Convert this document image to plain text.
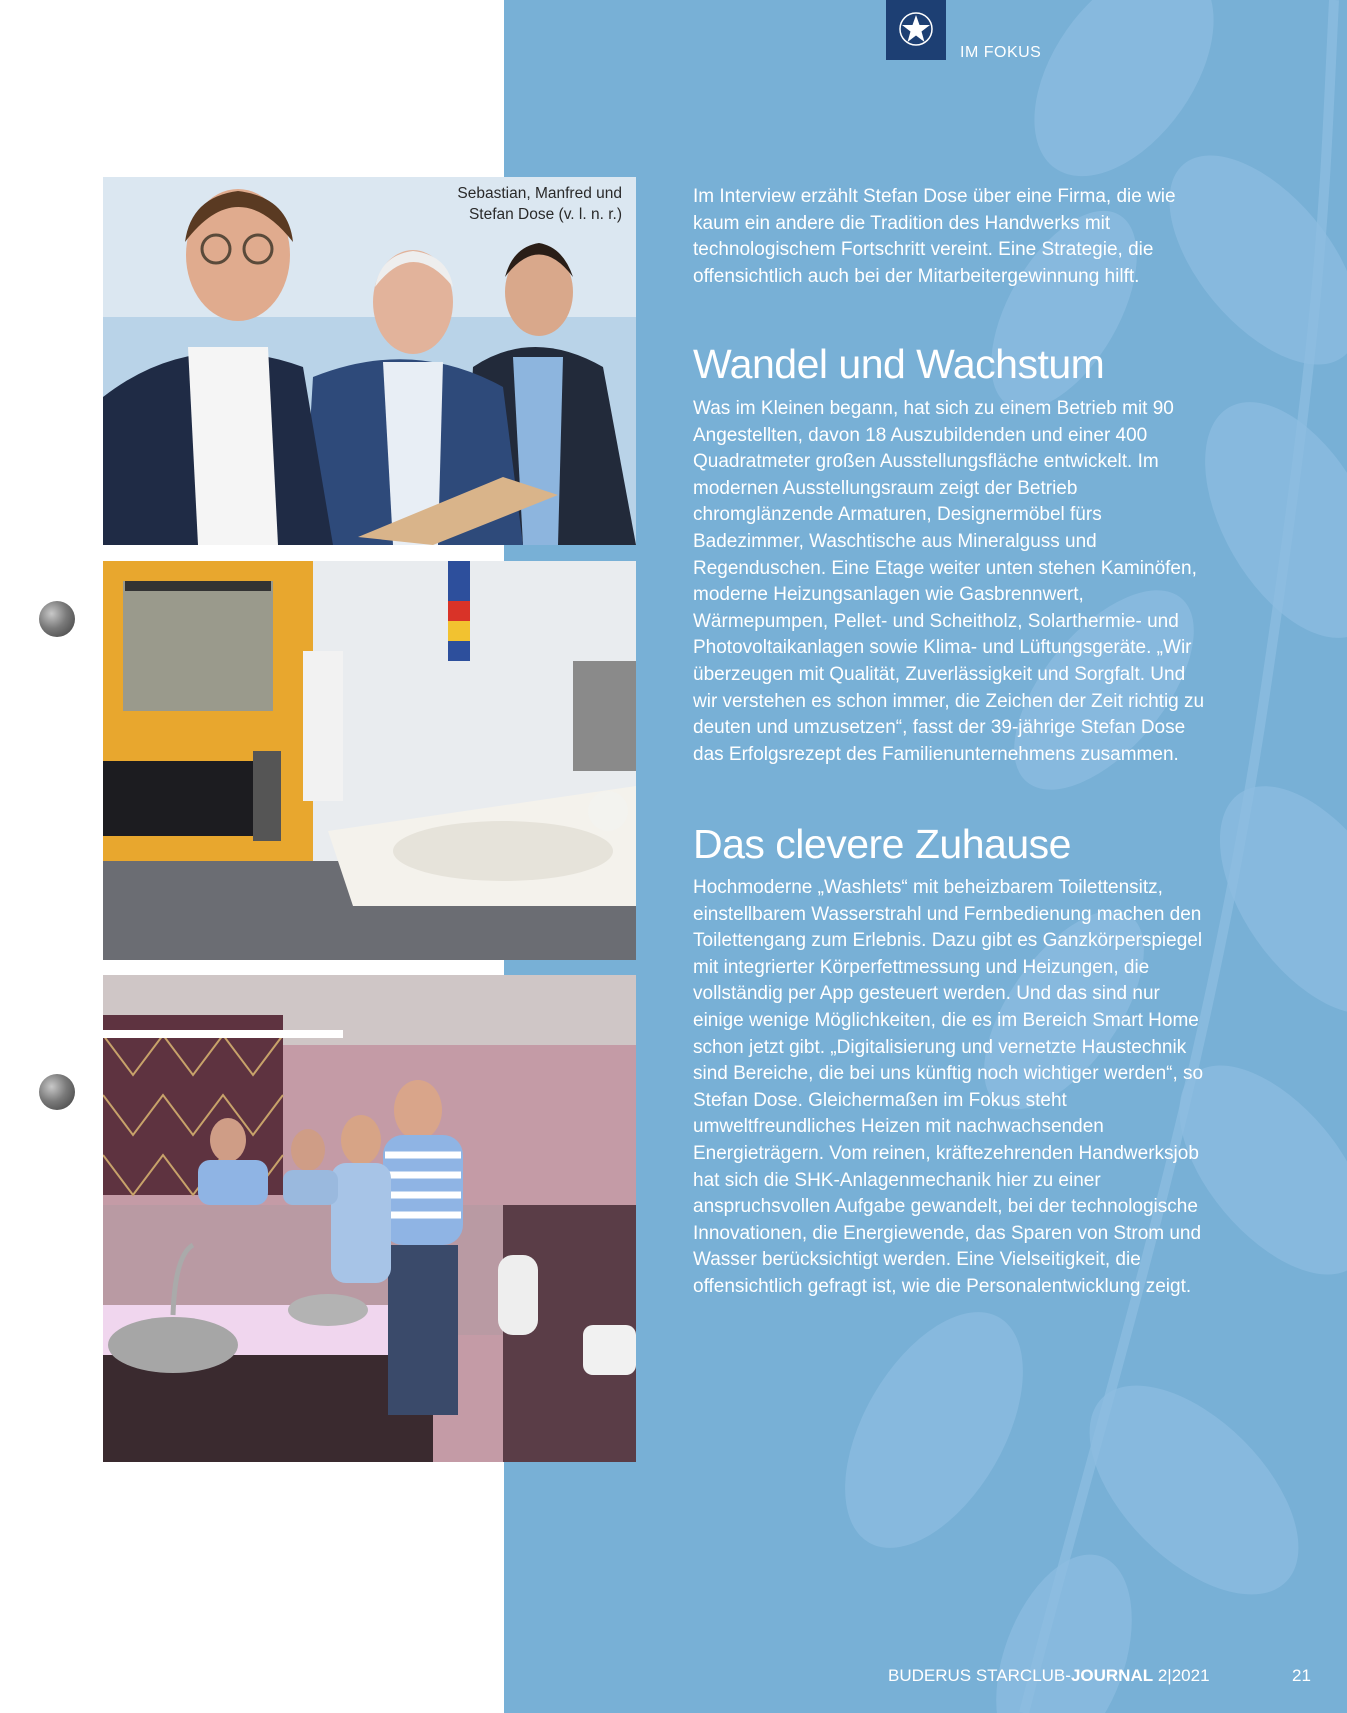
IM FOKUS
Sebastian, Manfred und
Stefan Dose (v. l. n. r.)
Im Interview erzählt Stefan Dose über eine Firma, die wie kaum ein andere die Tradition des Handwerks mit technologischem Fortschritt vereint. Eine Strategie, die offensichtlich auch bei der Mitarbeitergewinnung hilft.
Wandel und Wachstum
Was im Kleinen begann, hat sich zu einem Betrieb mit 90 Angestellten, davon 18 Auszubildenden und einer 400 Quadratmeter großen Ausstellungsfläche entwickelt. Im modernen Ausstellungsraum zeigt der Betrieb chromglänzende Armaturen, Designermöbel fürs Badezimmer, Waschtische aus Mineralguss und Regenduschen. Eine Etage weiter unten stehen Kaminöfen, moderne Heizungsanlagen wie Gasbrennwert, Wärmepumpen, Pellet- und Scheitholz, Solarthermie- und Photovoltaikanlagen sowie Klima- und Lüftungsgeräte. „Wir überzeugen mit Qualität, Zuverlässigkeit und Sorgfalt. Und wir verstehen es schon immer, die Zeichen der Zeit richtig zu deuten und umzusetzen“, fasst der 39-jährige Stefan Dose das Erfolgsrezept des Familienunternehmens zusammen.
Das clevere Zuhause
Hochmoderne „Washlets“ mit beheizbarem Toilettensitz, einstellbarem Wasserstrahl und Fernbedienung machen den Toilettengang zum Erlebnis. Dazu gibt es Ganzkörperspiegel mit integrierter Körperfettmessung und Heizungen, die vollständig per App gesteuert werden. Und das sind nur einige wenige Möglichkeiten, die es im Bereich Smart Home schon jetzt gibt. „Digitalisierung und vernetzte Haustechnik sind Bereiche, die bei uns künftig noch wichtiger werden“, so Stefan Dose. Gleichermaßen im Fokus steht umweltfreundliches Heizen mit nachwachsenden Energieträgern. Vom reinen, kräftezehrenden Handwerksjob hat sich die SHK-Anlagenmechanik hier zu einer anspruchsvollen Aufgabe gewandelt, bei der technologische Innovationen, die Energiewende, das Sparen von Strom und Wasser berücksichtigt werden. Eine Vielseitigkeit, die offensichtlich gefragt ist, wie die Personalentwicklung zeigt.
BUDERUS STARCLUB-JOURNAL 2|2021	21
